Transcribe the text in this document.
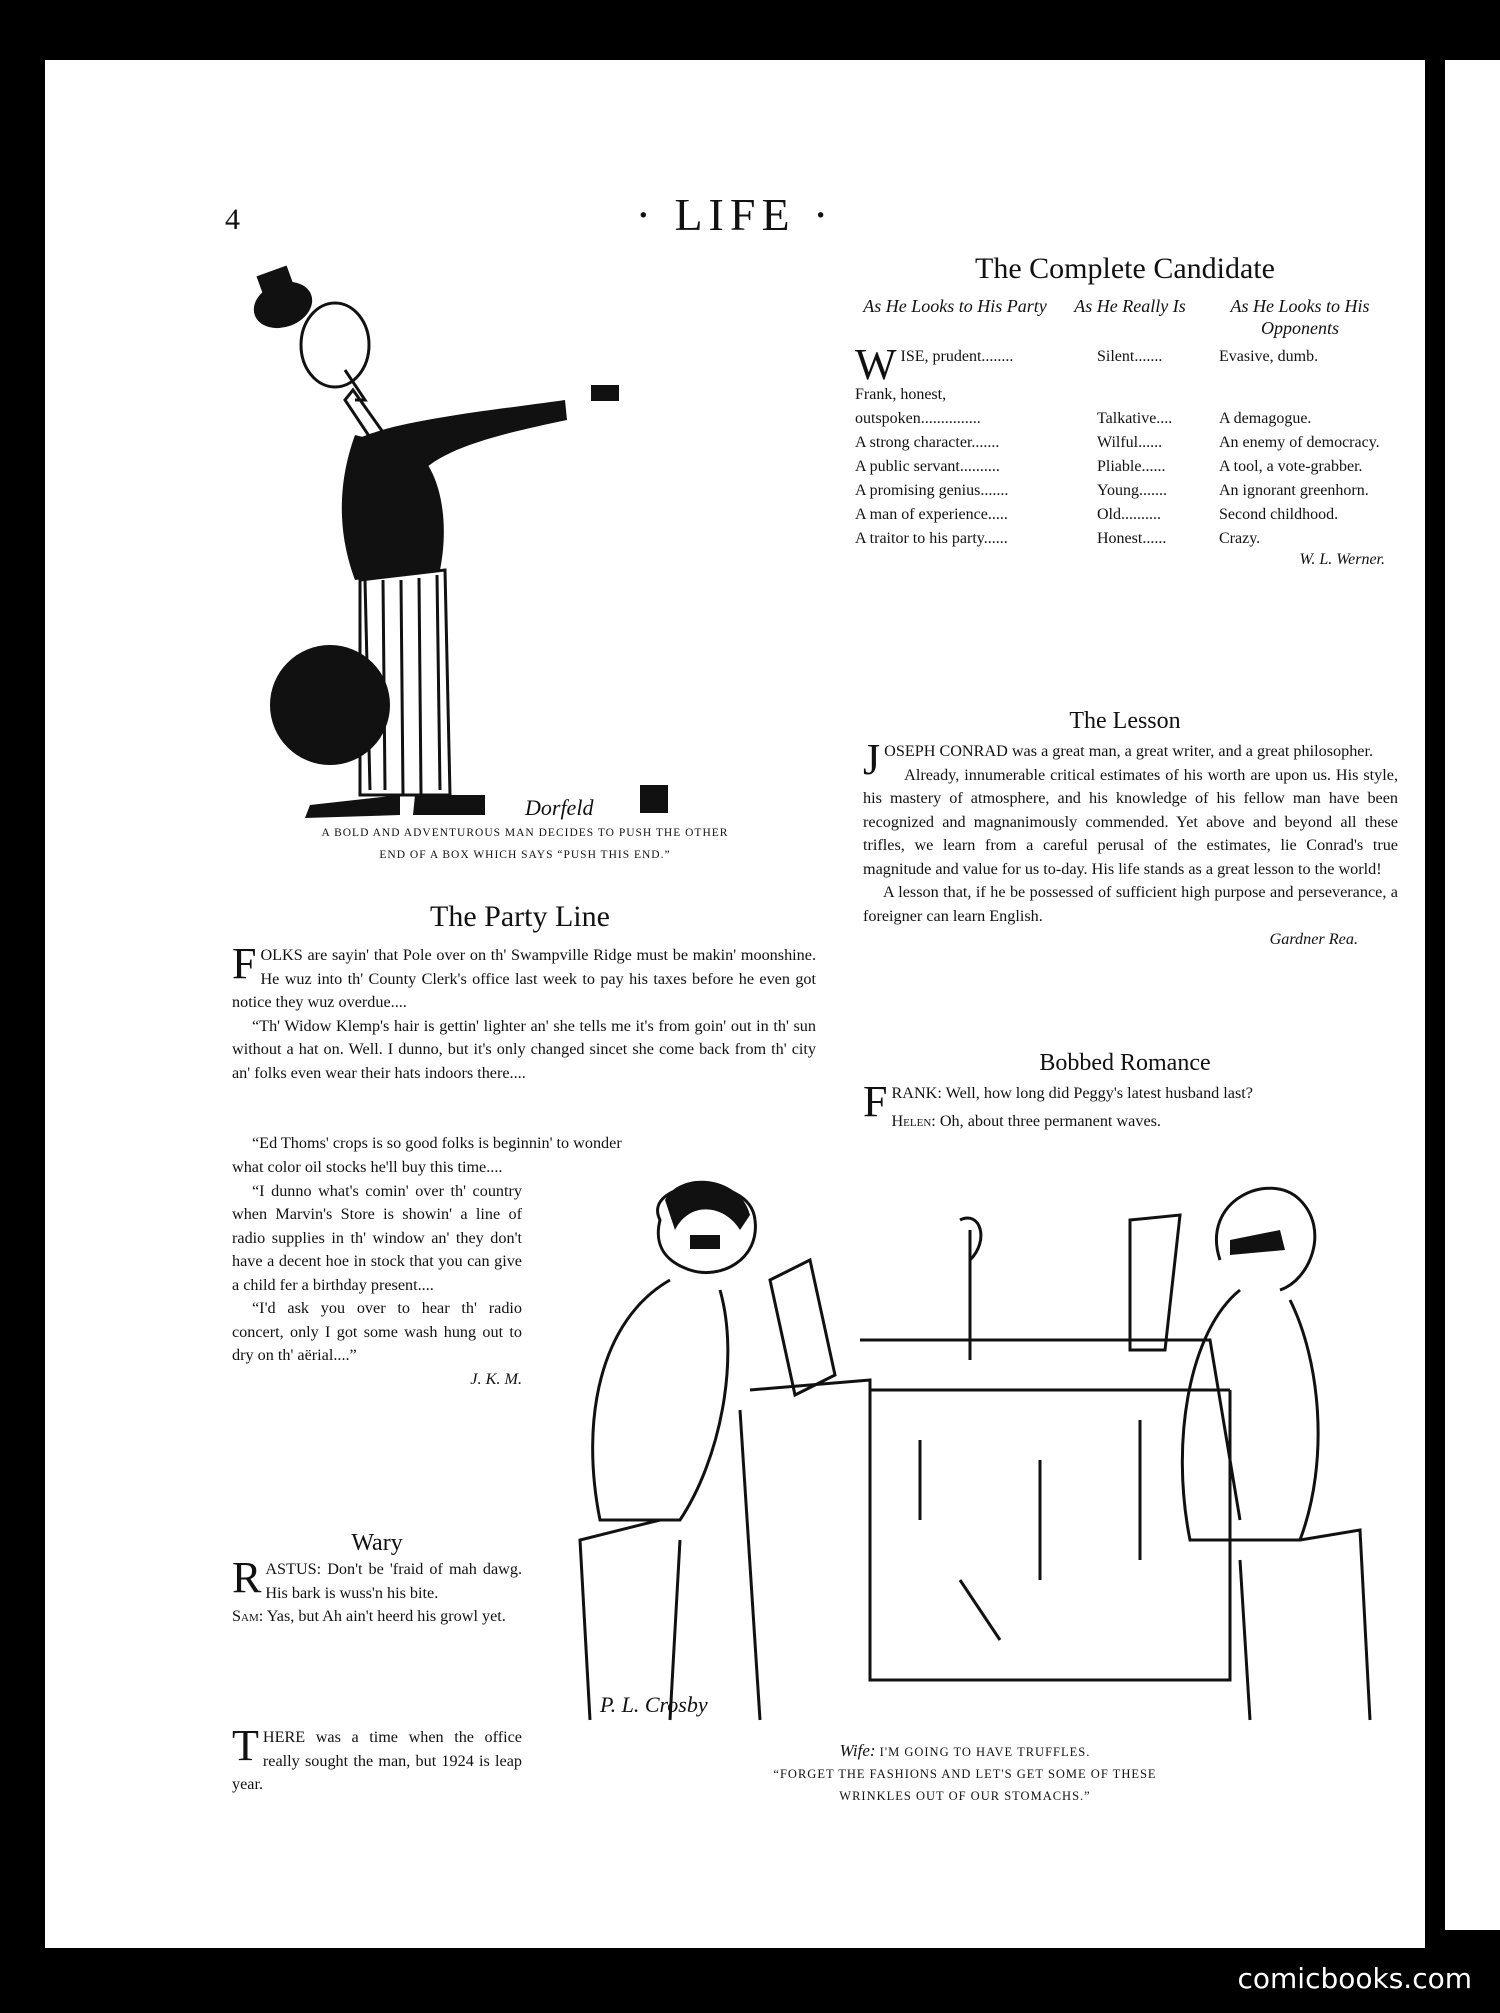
4	· LIFE ·
Dorfeld
A BOLD AND ADVENTUROUS MAN DECIDES TO PUSH THE OTHER
END OF A BOX WHICH SAYS “PUSH THIS END.”
The Party Line

FOLKS are sayin' that Pole over on th' Swampville Ridge must be makin' moonshine. He wuz into th' County Clerk's office last week to pay his taxes before he even got notice they wuz overdue....

“Th' Widow Klemp's hair is gettin' lighter an' she tells me it's from goin' out in th' sun without a hat on. Well. I dunno, but it's only changed sincet she come back from th' city an' folks even wear their hats indoors there....

“Ed Thoms' crops is so good folks is beginnin' to wonder

what color oil stocks he'll buy this time....

“I dunno what's comin' over th' country when Marvin's Store is showin' a line of radio supplies in th' window an' they don't have a decent hoe in stock that you can give a child fer a birthday present....

“I'd ask you over to hear th' radio concert, only I got some wash hung out to dry on th' aërial....”

J. K. M.
Wary

RASTUS: Don't be 'fraid of mah dawg. His bark is wuss'n his bite.

Sam: Yas, but Ah ain't heerd his growl yet.

THERE was a time when the office really sought the man, but 1924 is leap year.

The Complete Candidate
As He Looks to His Party	As He Really Is	As He Looks to His Opponents
WISE, prudent........	Silent.......	Evasive, dumb.
Frank, honest,
outspoken...............	Talkative....	A demagogue.
A strong character.......	Wilful......	An enemy of democracy.
A public servant..........	Pliable......	A tool, a vote-grabber.
A promising genius.......	Young.......	An ignorant greenhorn.
A man of experience.....	Old..........	Second childhood.
A traitor to his party......	Honest......	Crazy.
W. L. Werner.
The Lesson

JOSEPH CONRAD was a great man, a great writer, and a great philosopher.

Already, innumerable critical estimates of his worth are upon us. His style, his mastery of atmosphere, and his knowledge of his fellow man have been recognized and magnanimously commended. Yet above and beyond all these trifles, we learn from a careful perusal of the estimates, lie Conrad's true magnitude and value for us to-day. His life stands as a great lesson to the world!

A lesson that, if he be possessed of sufficient high purpose and perseverance, a foreigner can learn English.

Gardner Rea.
Bobbed Romance

FRANK: Well, how long did Peggy's latest husband last?

Helen: Oh, about three permanent waves.

P. L. Crosby
Wife: I'M GOING TO HAVE TRUFFLES.
“FORGET THE FASHIONS AND LET'S GET SOME OF THESE
WRINKLES OUT OF OUR STOMACHS.”
comicbooks.com
